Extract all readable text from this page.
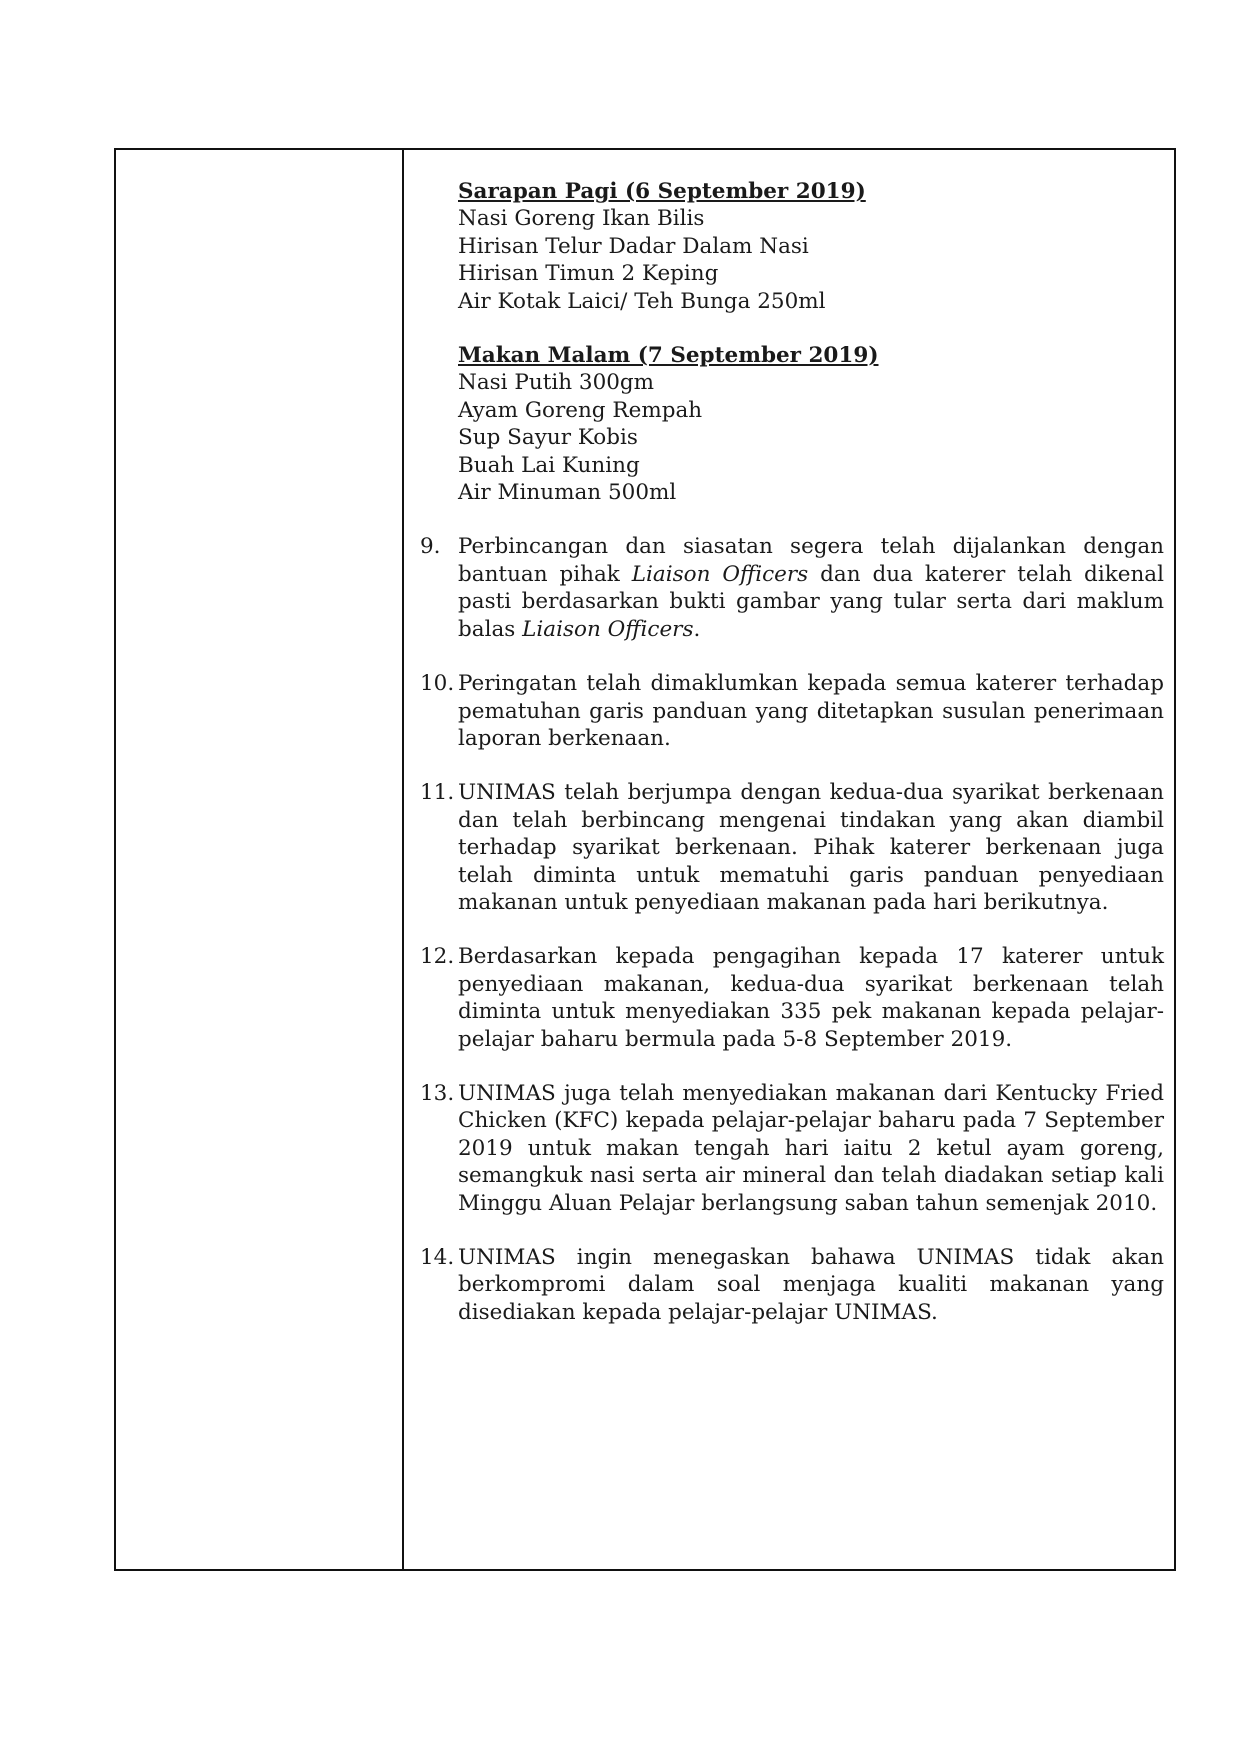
Sarapan Pagi (6 September 2019)
Nasi Goreng Ikan Bilis
Hirisan Telur Dadar Dalam Nasi
Hirisan Timun 2 Keping
Air Kotak Laici/ Teh Bunga 250ml
Makan Malam (7 September 2019)
Nasi Putih 300gm
Ayam Goreng Rempah
Sup Sayur Kobis
Buah Lai Kuning
Air Minuman 500ml
9. Perbincangan dan siasatan segera telah dijalankan dengan bantuan pihak Liaison Officers dan dua katerer telah dikenal pasti berdasarkan bukti gambar yang tular serta dari maklum balas Liaison Officers.
10. Peringatan telah dimaklumkan kepada semua katerer terhadap pematuhan garis panduan yang ditetapkan susulan penerimaan laporan berkenaan.
11. UNIMAS telah berjumpa dengan kedua-dua syarikat berkenaan dan telah berbincang mengenai tindakan yang akan diambil terhadap syarikat berkenaan. Pihak katerer berkenaan juga telah diminta untuk mematuhi garis panduan penyediaan makanan untuk penyediaan makanan pada hari berikutnya.
12. Berdasarkan kepada pengagihan kepada 17 katerer untuk penyediaan makanan, kedua-dua syarikat berkenaan telah diminta untuk menyediakan 335 pek makanan kepada pelajar-pelajar baharu bermula pada 5-8 September 2019.
13. UNIMAS juga telah menyediakan makanan dari Kentucky Fried Chicken (KFC) kepada pelajar-pelajar baharu pada 7 September 2019 untuk makan tengah hari iaitu 2 ketul ayam goreng, semangkuk nasi serta air mineral dan telah diadakan setiap kali Minggu Aluan Pelajar berlangsung saban tahun semenjak 2010.
14. UNIMAS ingin menegaskan bahawa UNIMAS tidak akan berkompromi dalam soal menjaga kualiti makanan yang disediakan kepada pelajar-pelajar UNIMAS.
